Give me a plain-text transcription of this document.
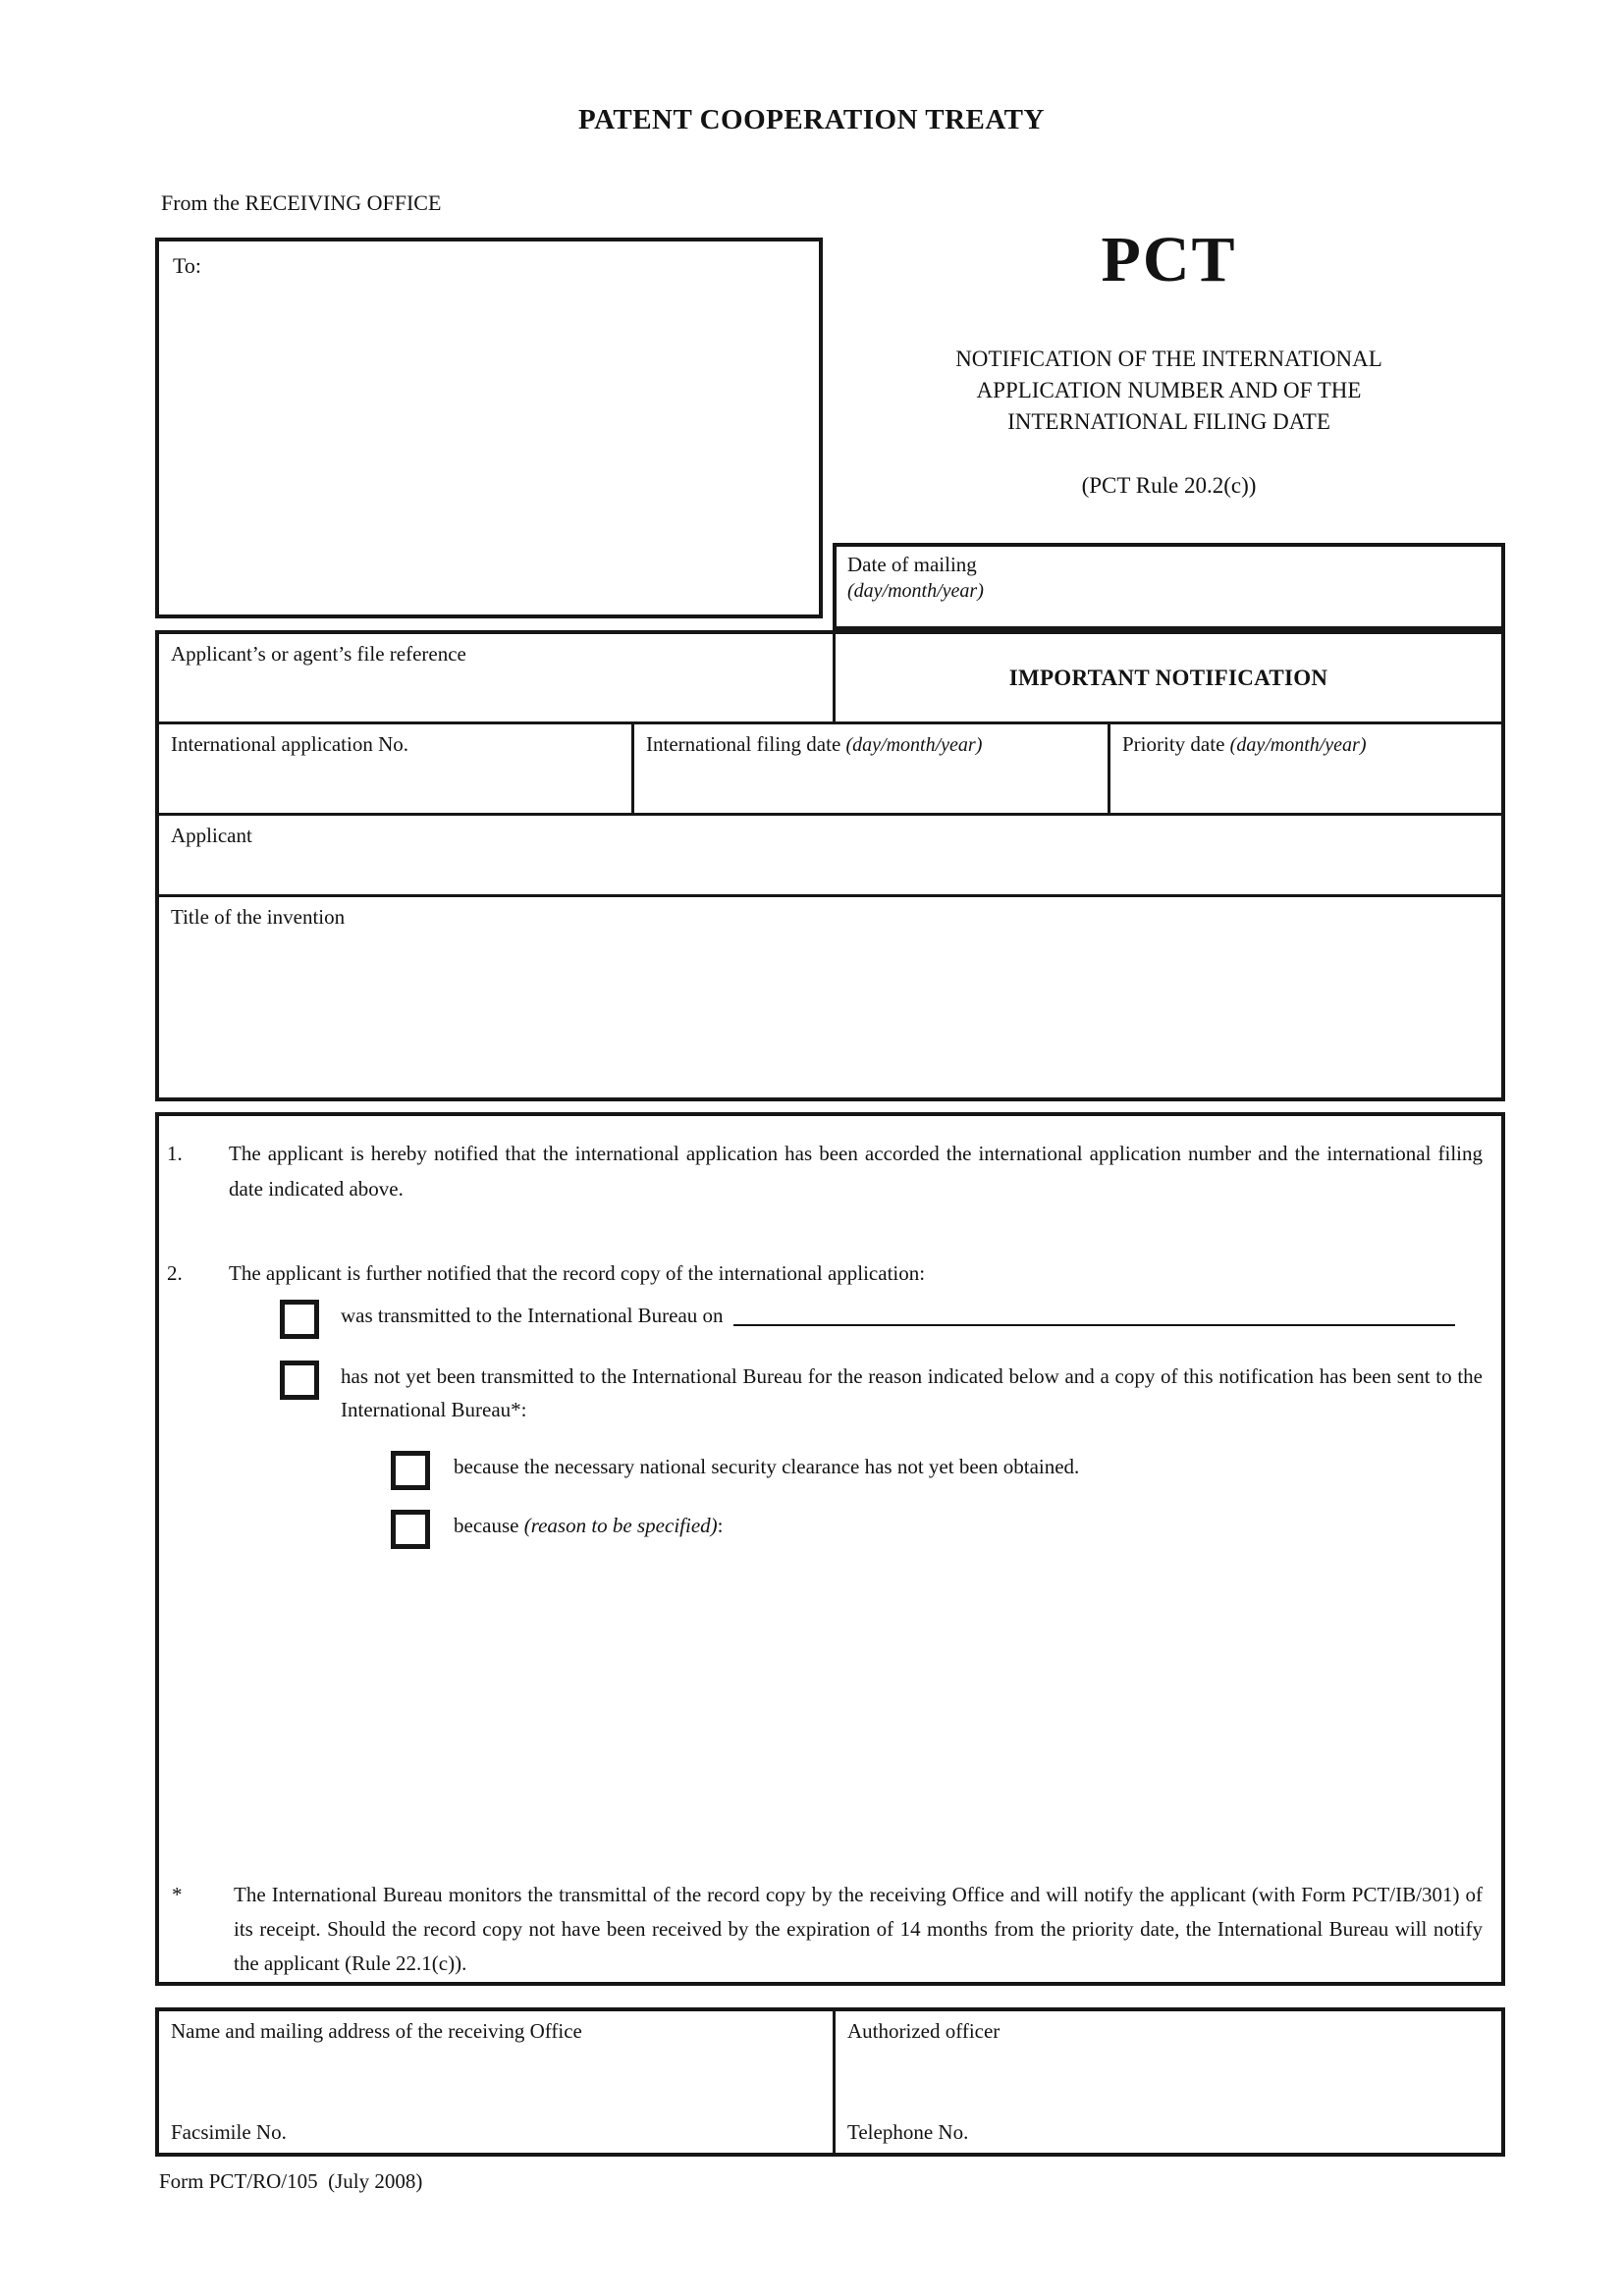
PATENT COOPERATION TREATY
From the RECEIVING OFFICE
To:	PCT
NOTIFICATION OF THE INTERNATIONAL
APPLICATION NUMBER AND OF THE
INTERNATIONAL FILING DATE
(PCT Rule 20.2(c))
Date of mailing
(day/month/year)
Applicant’s or agent’s file reference
IMPORTANT NOTIFICATION
International application No.	International filing date (day/month/year)	Priority date (day/month/year)
Applicant
Title of the invention
1.	The applicant is hereby notified that the international application has been accorded the international application number and the international filing date indicated above.
2.	The applicant is further notified that the record copy of the international application:
was transmitted to the International Bureau on
has not yet been transmitted to the International Bureau for the reason indicated below and a copy of this notification has been sent to the International Bureau*:
because the necessary national security clearance has not yet been obtained.
because (reason to be specified):
*	The International Bureau monitors the transmittal of the record copy by the receiving Office and will notify the applicant (with Form PCT/IB/301) of its receipt. Should the record copy not have been received by the expiration of 14 months from the priority date, the International Bureau will notify the applicant (Rule 22.1(c)).
Name and mailing address of the receiving Office
Facsimile No.
Authorized officer
Telephone No.
Form PCT/RO/105  (July 2008)
